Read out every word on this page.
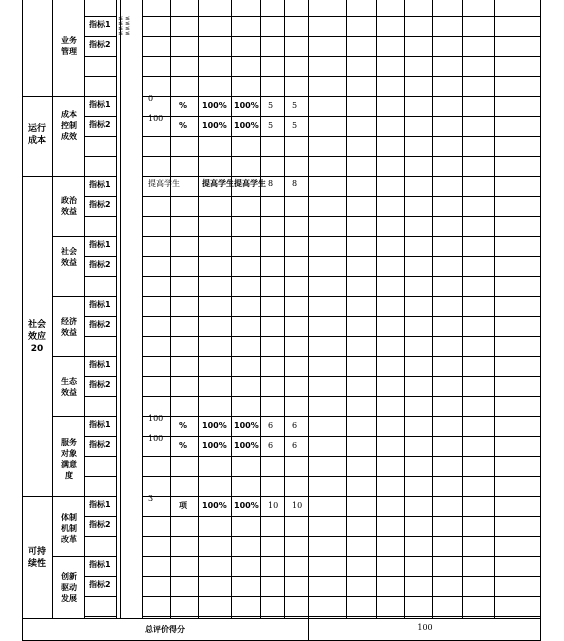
运行
成本
社会
效应
20
可持
续性
业务
管理
成本
控制
成效
政治
效益
社会
效益
经济
效益
生态
效益
服务
对象
满意
度
体制
机制
改革
创新
驱动
发展
≤ ≤
≤ ≤
≤ ≤
≤ ≤
指标1
指标2
指标1
指标2
指标1
指标2
指标1
指标2
指标1
指标2
指标1
指标2
指标1
指标2
指标1
指标2
指标1
指标2
0
% 100% 100% 5 5
100
% 100% 100% 5 5
提高学生	提高学生 提高学生 8 8
100
% 100% 100% 6 6
100
% 100% 100% 6 6
3
项 100% 100% 10 10
总评价得分	100
